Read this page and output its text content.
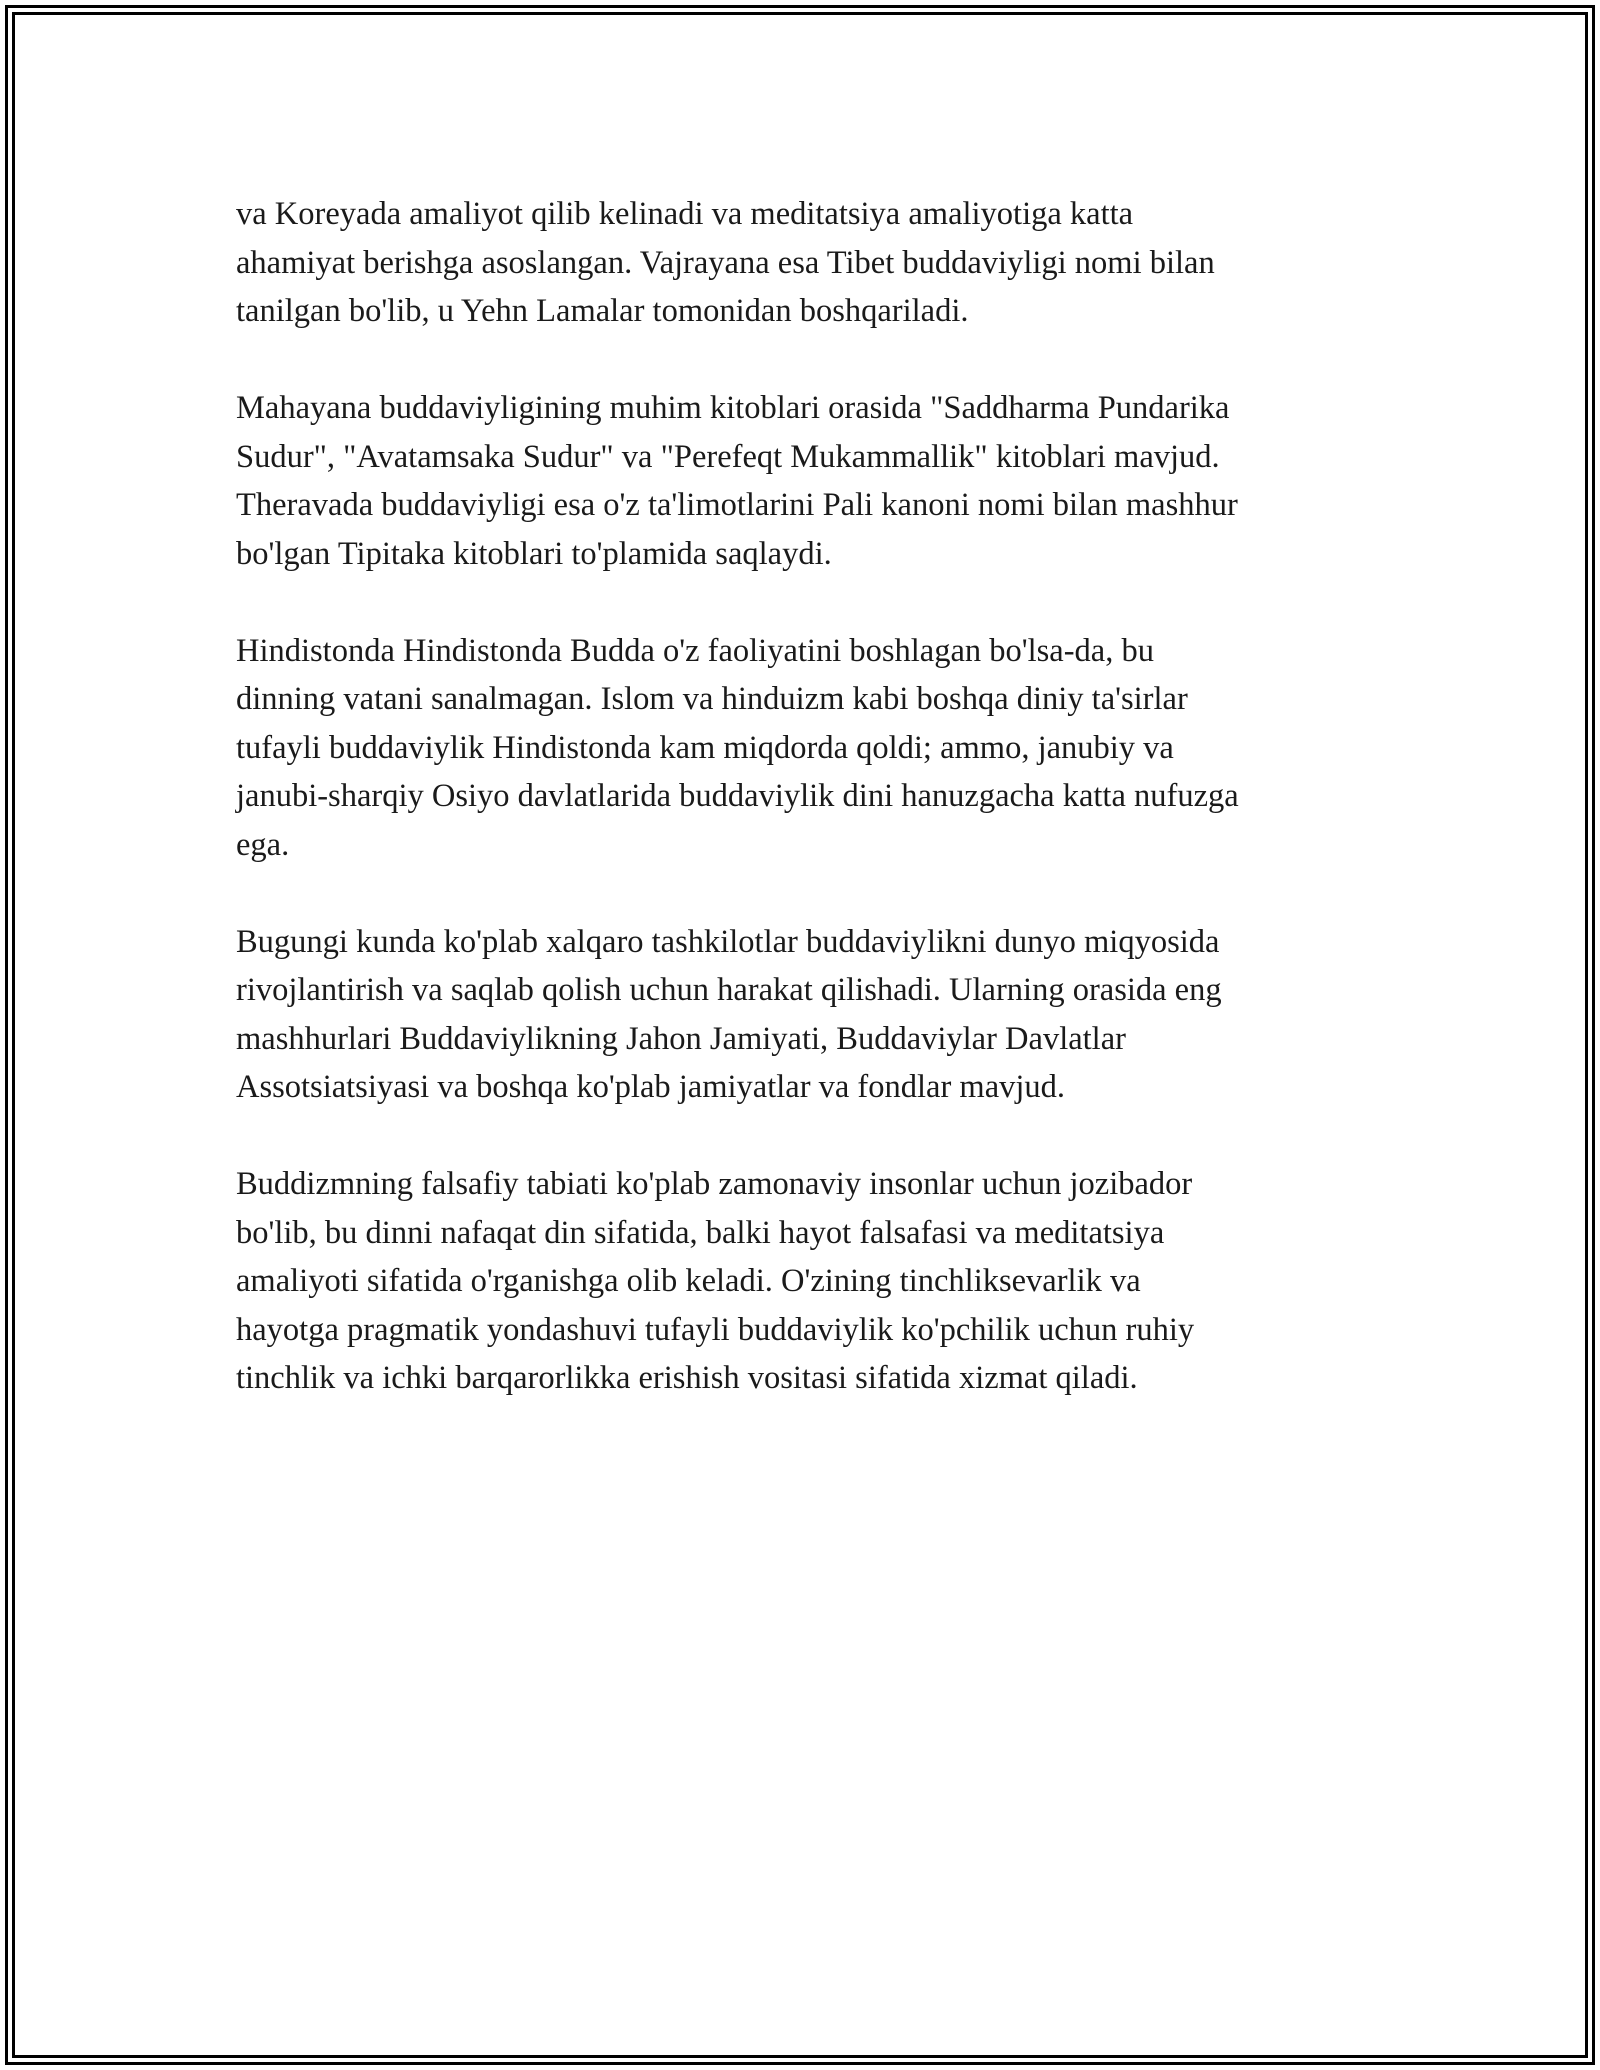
va Koreyada amaliyot qilib kelinadi va meditatsiya amaliyotiga katta
ahamiyat berishga asoslangan. Vajrayana esa Tibet buddaviyligi nomi bilan
tanilgan bo'lib, u Yehn Lamalar tomonidan boshqariladi.

Mahayana buddaviyligining muhim kitoblari orasida "Saddharma Pundarika
Sudur", "Avatamsaka Sudur" va "Perefeqt Mukammallik" kitoblari mavjud.
Theravada buddaviyligi esa o'z ta'limotlarini Pali kanoni nomi bilan mashhur
bo'lgan Tipitaka kitoblari to'plamida saqlaydi.

Hindistonda Hindistonda Budda o'z faoliyatini boshlagan bo'lsa-da, bu
dinning vatani sanalmagan. Islom va hinduizm kabi boshqa diniy ta'sirlar
tufayli buddaviylik Hindistonda kam miqdorda qoldi; ammo, janubiy va
janubi-sharqiy Osiyo davlatlarida buddaviylik dini hanuzgacha katta nufuzga
ega.

Bugungi kunda ko'plab xalqaro tashkilotlar buddaviylikni dunyo miqyosida
rivojlantirish va saqlab qolish uchun harakat qilishadi. Ularning orasida eng
mashhurlari Buddaviylikning Jahon Jamiyati, Buddaviylar Davlatlar
Assotsiatsiyasi va boshqa ko'plab jamiyatlar va fondlar mavjud.

Buddizmning falsafiy tabiati ko'plab zamonaviy insonlar uchun jozibador
bo'lib, bu dinni nafaqat din sifatida, balki hayot falsafasi va meditatsiya
amaliyoti sifatida o'rganishga olib keladi. O'zining tinchliksevarlik va
hayotga pragmatik yondashuvi tufayli buddaviylik ko'pchilik uchun ruhiy
tinchlik va ichki barqarorlikka erishish vositasi sifatida xizmat qiladi.
